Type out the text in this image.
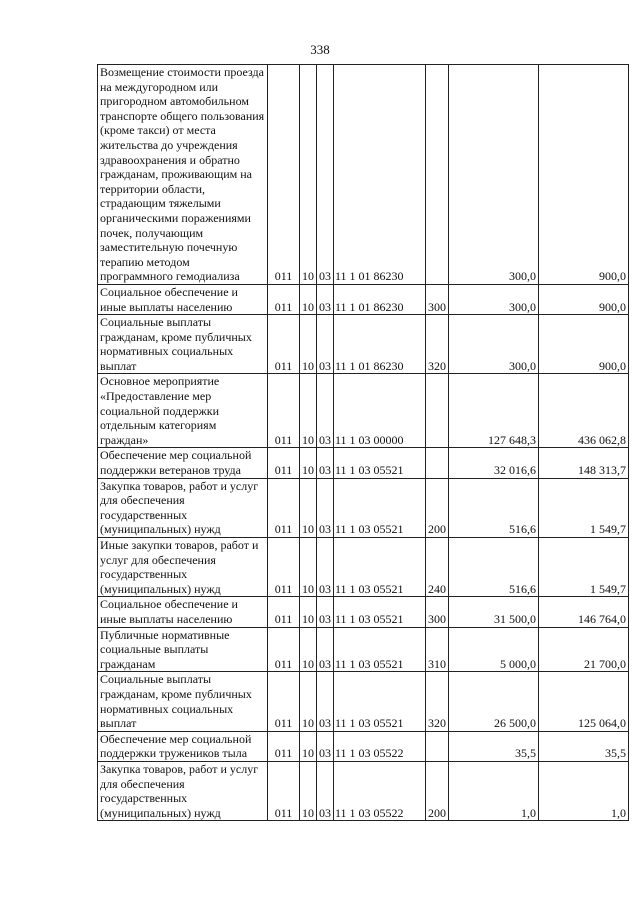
338
Возмещение стоимости проезда на междугородном или пригородном автомобильном транспорте общего пользования (кроме такси) от места жительства до учреждения здравоохранения и обратно гражданам, проживающим на территории области, страдающим тяжелыми органическими поражениями почек, получающим заместительную почечную терапию методом программного гемодиализа	011	10	03	11 1 01 86230		300,0	900,0
Социальное обеспечение и иные выплаты населению	011	10	03	11 1 01 86230	300	300,0	900,0
Социальные выплаты гражданам, кроме публичных нормативных социальных выплат	011	10	03	11 1 01 86230	320	300,0	900,0
Основное мероприятие «Предоставление мер социальной поддержки отдельным категориям граждан»	011	10	03	11 1 03 00000		127 648,3	436 062,8
Обеспечение мер социальной поддержки ветеранов труда	011	10	03	11 1 03 05521		32 016,6	148 313,7
Закупка товаров, работ и услуг для обеспечения государственных (муниципальных) нужд	011	10	03	11 1 03 05521	200	516,6	1 549,7
Иные закупки товаров, работ и услуг для обеспечения государственных (муниципальных) нужд	011	10	03	11 1 03 05521	240	516,6	1 549,7
Социальное обеспечение и иные выплаты населению	011	10	03	11 1 03 05521	300	31 500,0	146 764,0
Публичные нормативные социальные выплаты гражданам	011	10	03	11 1 03 05521	310	5 000,0	21 700,0
Социальные выплаты гражданам, кроме публичных нормативных социальных выплат	011	10	03	11 1 03 05521	320	26 500,0	125 064,0
Обеспечение мер социальной поддержки тружеников тыла	011	10	03	11 1 03 05522		35,5	35,5
Закупка товаров, работ и услуг для обеспечения государственных (муниципальных) нужд	011	10	03	11 1 03 05522	200	1,0	1,0
